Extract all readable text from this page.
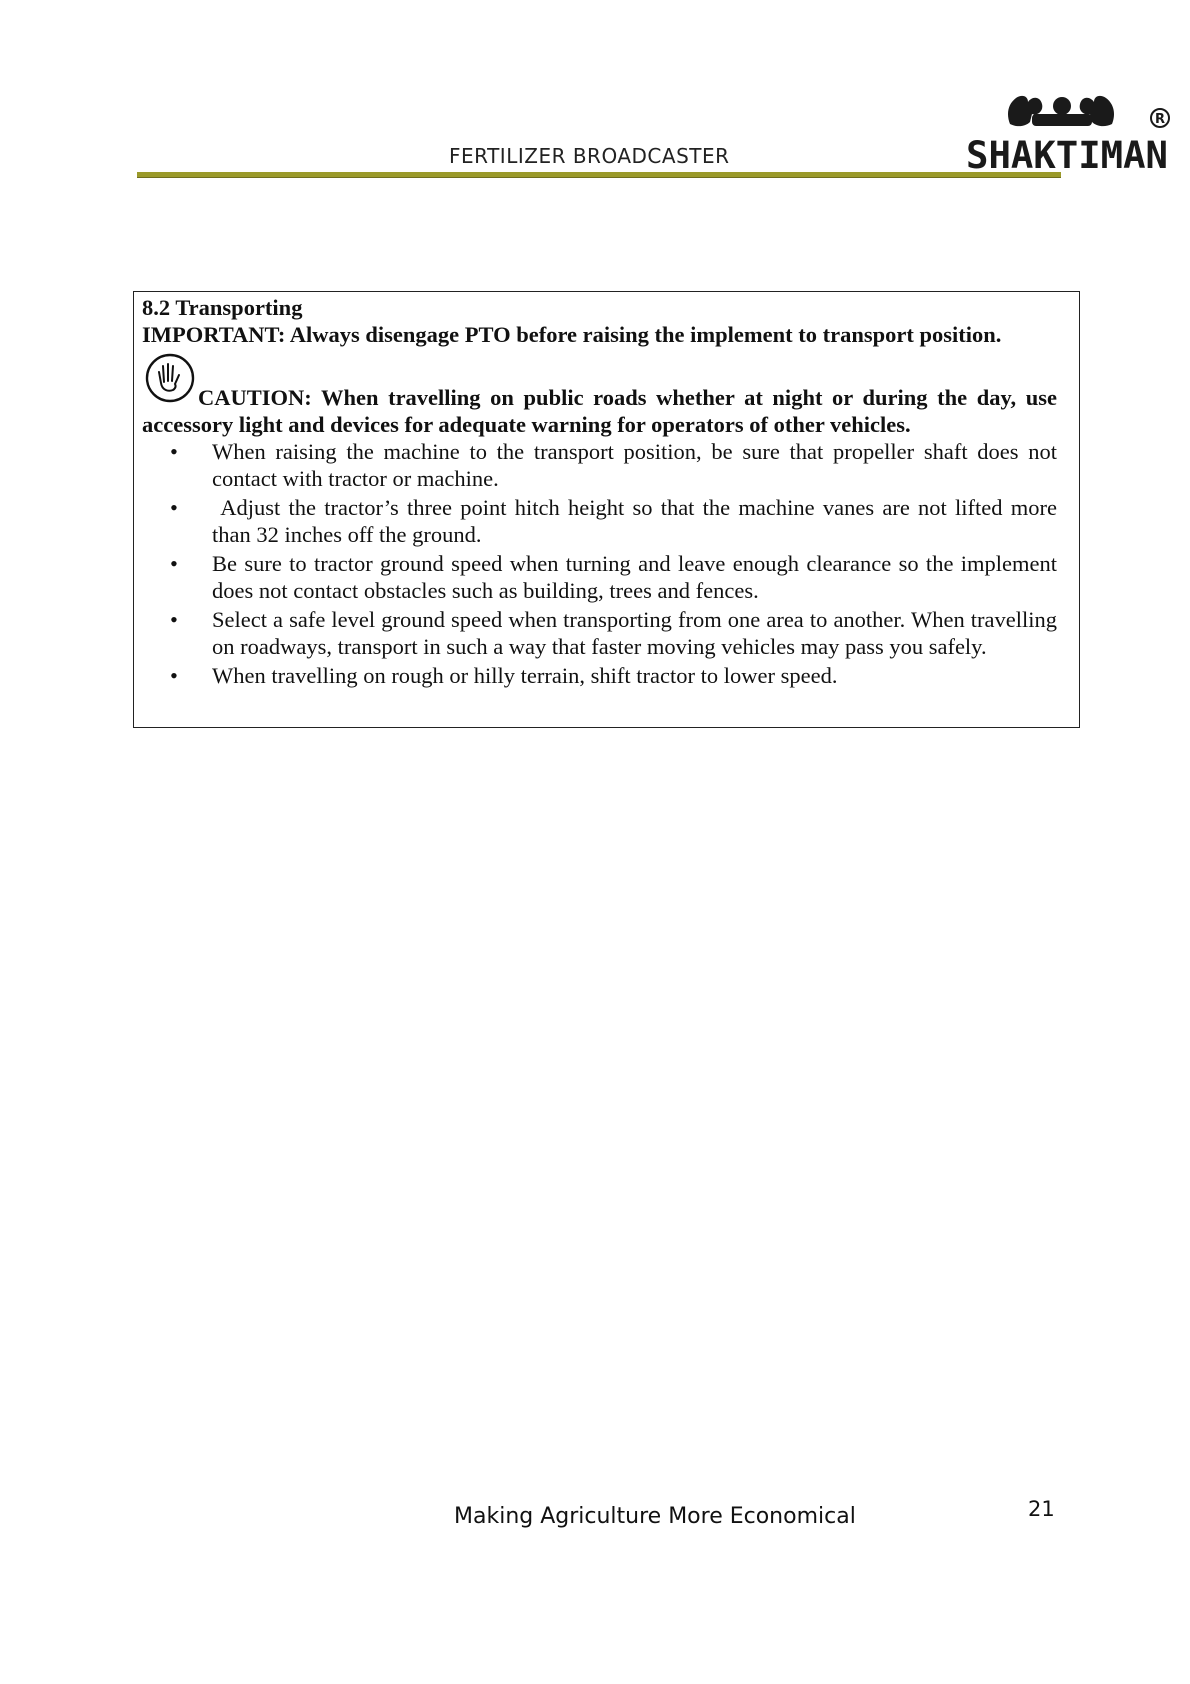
FERTILIZER BROADCASTER
R
SHAKTIMAN
8.2 Transporting
IMPORTANT: Always disengage PTO before raising the implement to transport position.
CAUTION: When travelling on public roads whether at night or during the day, use accessory light and devices for adequate warning for operators of other vehicles.
• When raising the machine to the transport position, be sure that propeller shaft does not contact with tractor or machine.
• Adjust the tractor’s three point hitch height so that the machine vanes are not lifted more than 32 inches off the ground.
• Be sure to tractor ground speed when turning and leave enough clearance so the implement does not contact obstacles such as building, trees and fences.
• Select a safe level ground speed when transporting from one area to another. When travelling on roadways, transport in such a way that faster moving vehicles may pass you safely.
• When travelling on rough or hilly terrain, shift tractor to lower speed.
Making Agriculture More Economical	21
